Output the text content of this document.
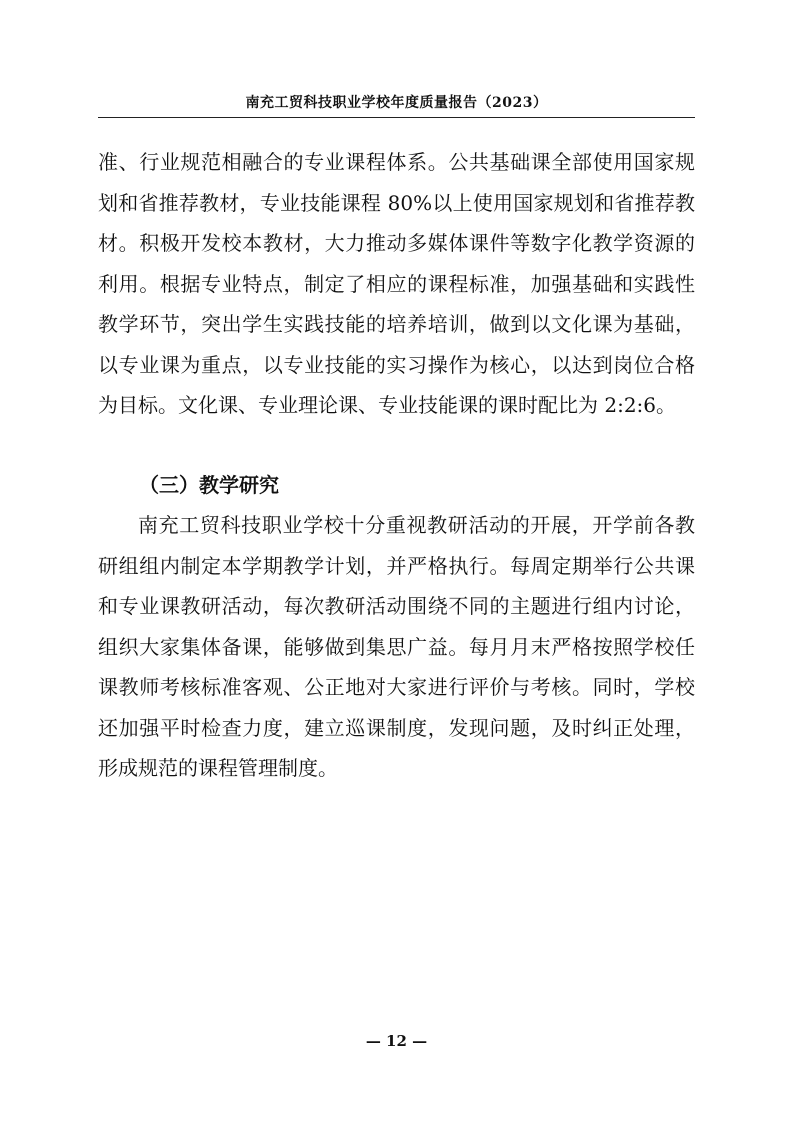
南充工贸科技职业学校年度质量报告（2023）

准、行业规范相融合的专业课程体系。公共基础课全部使用国家规划和省推荐教材，专业技能课程 80%以上使用国家规划和省推荐教材。积极开发校本教材，大力推动多媒体课件等数字化教学资源的利用。根据专业特点，制定了相应的课程标准，加强基础和实践性教学环节，突出学生实践技能的培养培训，做到以文化课为基础，以专业课为重点，以专业技能的实习操作为核心，以达到岗位合格为目标。文化课、专业理论课、专业技能课的课时配比为 2:2:6。

（三）教学研究

南充工贸科技职业学校十分重视教研活动的开展，开学前各教研组组内制定本学期教学计划，并严格执行。每周定期举行公共课和专业课教研活动，每次教研活动围绕不同的主题进行组内讨论，组织大家集体备课，能够做到集思广益。每月月末严格按照学校任课教师考核标准客观、公正地对大家进行评价与考核。同时，学校还加强平时检查力度，建立巡课制度，发现问题，及时纠正处理，形成规范的课程管理制度。

— 12 —
